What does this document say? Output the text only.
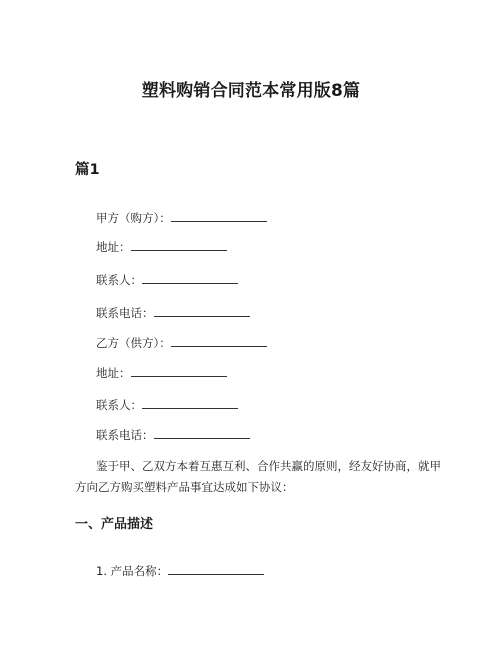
塑料购销合同范本常用版8篇
篇1
甲方（购方）：
地址：
联系人：
联系电话：
乙方（供方）：
地址：
联系人：
联系电话：
鉴于甲、乙双方本着互惠互利、合作共赢的原则，经友好协商，就甲方向乙方购买塑料产品事宜达成如下协议：
一、产品描述
1. 产品名称：
